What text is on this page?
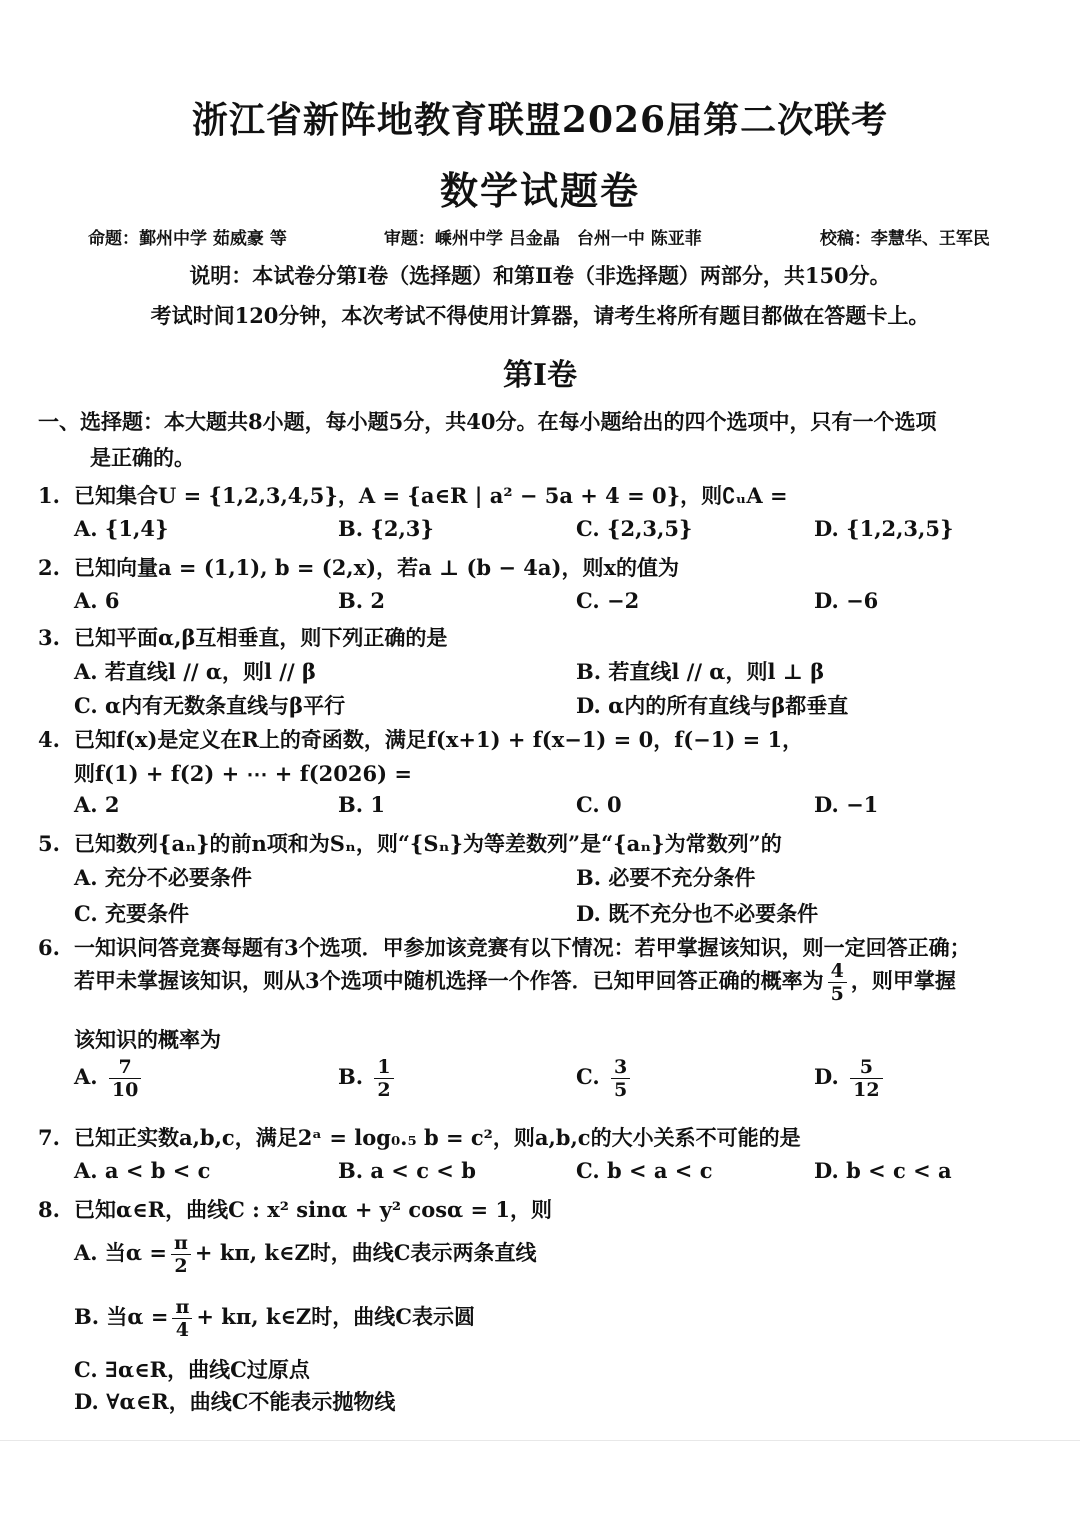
浙江省新阵地教育联盟2026届第二次联考
数学试题卷
命题：鄞州中学 茹威豪 等	审题：嵊州中学 吕金晶　台州一中 陈亚菲	校稿：李慧华、王军民
说明：本试卷分第Ⅰ卷（选择题）和第Ⅱ卷（非选择题）两部分，共150分。
考试时间120分钟，本次考试不得使用计算器，请考生将所有题目都做在答题卡上。
第Ⅰ卷
一、选择题：本大题共8小题，每小题5分，共40分。在每小题给出的四个选项中，只有一个选项
是正确的。
1. 已知集合U = {1,2,3,4,5}，A = {a∈R | a² − 5a + 4 = 0}，则∁ᵤA =
A. {1,4}	B. {2,3}	C. {2,3,5}	D. {1,2,3,5}
2. 已知向量a = (1,1), b = (2,x)，若a ⊥ (b − 4a)，则x的值为
A. 6	B. 2	C. −2	D. −6
3. 已知平面α,β互相垂直，则下列正确的是
A. 若直线l // α，则l // β	B. 若直线l // α，则l ⊥ β
C. α内有无数条直线与β平行	D. α内的所有直线与β都垂直
4. 已知f(x)是定义在R上的奇函数，满足f(x+1) + f(x−1) = 0，f(−1) = 1，
则f(1) + f(2) + ⋯ + f(2026) =
A. 2	B. 1	C. 0	D. −1
5. 已知数列{aₙ}的前n项和为Sₙ，则“{Sₙ}为等差数列”是“{aₙ}为常数列”的
A. 充分不必要条件	B. 必要不充分条件
C. 充要条件	D. 既不充分也不必要条件
6. 一知识问答竞赛每题有3个选项．甲参加该竞赛有以下情况：若甲掌握该知识，则一定回答正确；
若甲未掌握该知识，则从3个选项中随机选择一个作答．已知甲回答正确的概率为 $\frac{4}{5}$ ，则甲掌握
该知识的概率为
A. $\frac{7}{10}$	B. $\frac{1}{2}$	C. $\frac{3}{5}$	D. $\frac{5}{12}$
7. 已知正实数a,b,c，满足2ᵃ = log₀.₅ b = c²，则a,b,c的大小关系不可能的是
A. a < b < c	B. a < c < b	C. b < a < c	D. b < c < a
8. 已知α∈R，曲线C : x² sinα + y² cosα = 1，则
A. 当$\alpha = \frac{\pi}{2} + k\pi$, k∈Z时，曲线C表示两条直线
B. 当$\alpha = \frac{\pi}{4} + k\pi$, k∈Z时，曲线C表示圆
C. ∃α∈R，曲线C过原点
D. ∀α∈R，曲线C不能表示抛物线
